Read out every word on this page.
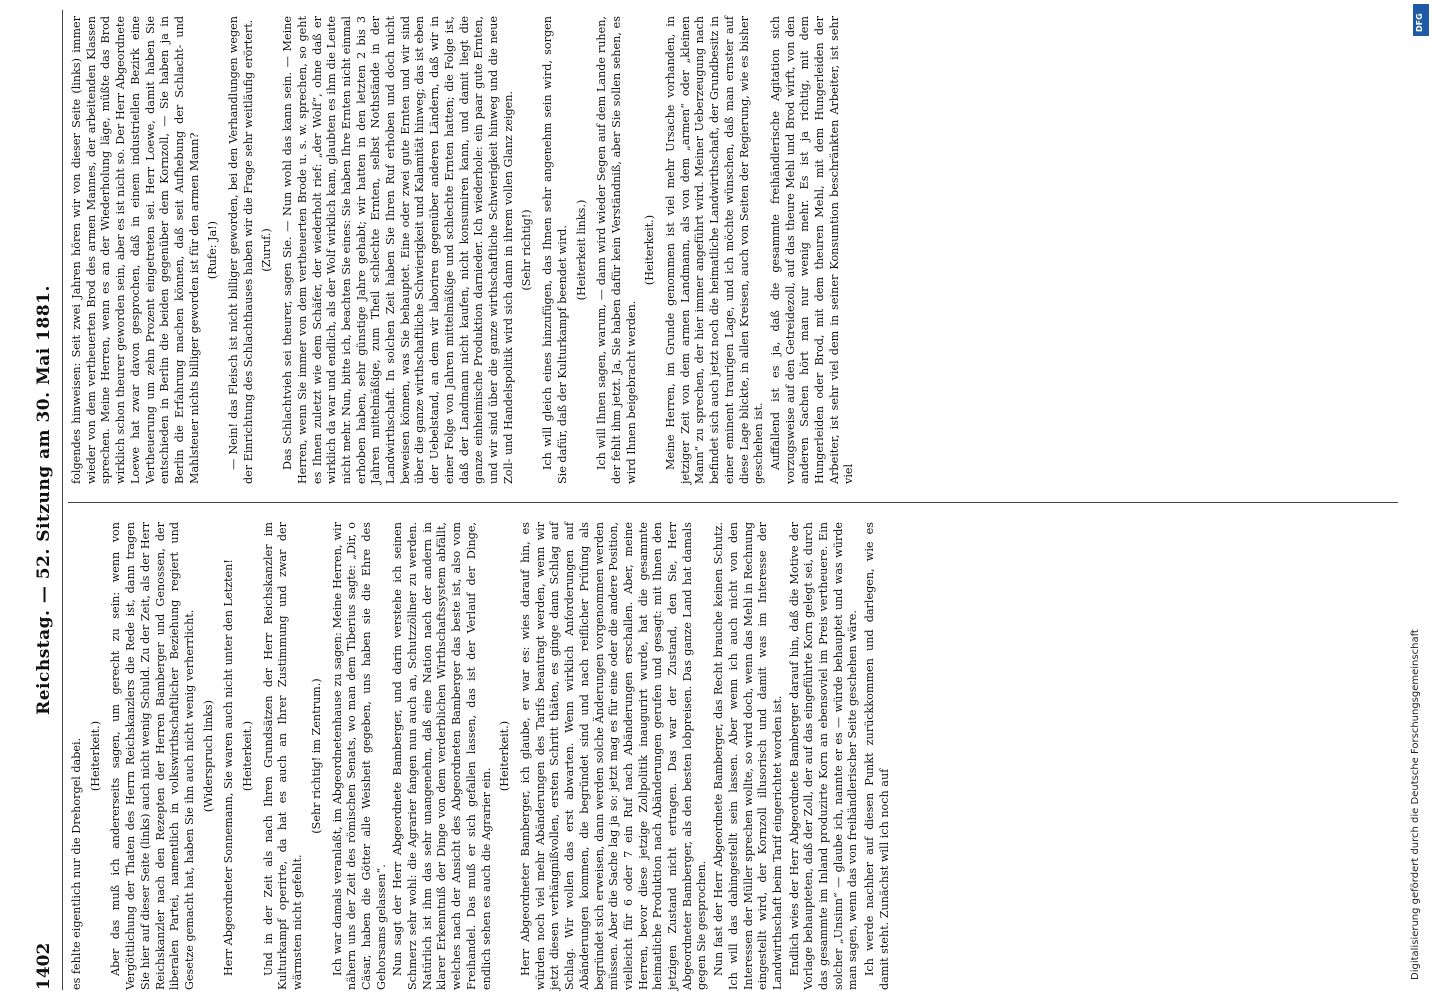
1402
Reichstag. — 52. Sitzung am 30. Mai 1881.

es fehlte eigentlich nur die Drehorgel dabei. (Heiterkeit.) Aber das muß ich andererseits sagen, um gerecht zu sein: wenn von Vergöttlichung der Thaten des Herrn Reichskanzlers die Rede ist, dann tragen Sie hier auf dieser Seite (links) auch nicht wenig Schuld. Zu der Zeit, als der Herr Reichskanzler nach den Rezepten der Herren Bamberger und Genossen, der liberalen Partei, namentlich in volkswirthschaftlicher Beziehung regiert und Gesetze gemacht hat, haben Sie ihn auch nicht wenig verherrlicht. (Widerspruch links) Herr Abgeordneter Sonnemann, Sie waren auch nicht unter den Letzten! (Heiterkeit.) Und in der Zeit als nach Ihren Grundsätzen der Herr Reichskanzler im Kulturkampf operirte, da hat es auch an Ihrer Zustimmung und zwar der wärmsten nicht gefehlt.

(Sehr richtig! im Zentrum.) Ich war damals veranlaßt, im Abgeordnetenhause zu sagen: Meine Herren, wir nähern uns der Zeit des römischen Senats, wo man dem Tiberius sagte: „Dir, o Cäsar, haben die Götter alle Weisheit gegeben, uns haben sie die Ehre des Gehorsams gelassen“. Nun sagt der Herr Abgeordnete Bamberger, und darin verstehe ich seinen Schmerz sehr wohl: die Agrarier fangen nun auch an, Schutzzöllner zu werden. Natürlich ist ihm das sehr unangenehm, daß eine Nation nach der andern in klarer Erkenntniß der Dinge von dem verderblichen Wirthschaftssystem abfällt, welches nach der Ansicht des Abgeordneten Bamberger das beste ist, also vom Freihandel. Das muß er sich gefallen lassen, das ist der Verlauf der Dinge, endlich sehen es auch die Agrarier ein.

(Heiterkeit.) Herr Abgeordneter Bamberger, ich glaube, er war es: wies darauf hin, es würden noch viel mehr Abänderungen des Tarifs beantragt werden, wenn wir jetzt diesen verhängnißvollen, ersten Schritt thäten, es ginge dann Schlag auf Schlag. Wir wollen das erst abwarten. Wenn wirklich Anforderungen auf Abänderungen kommen, die begründet sind und nach reiflicher Prüfung als begründet sich erweisen, dann werden solche Änderungen vorgenommen werden müssen. Aber die Sache lag ja so: jetzt mag es für eine oder die andere Position, vielleicht für 6 oder 7 ein Ruf nach Abänderungen erschallen. Aber, meine Herren, bevor diese jetzige Zollpolitik inaugurirt wurde, hat die gesammte heimatliche Produktion nach Abänderungen gerufen und gesagt: mit Ihnen den jetzigen Zustand nicht ertragen. Das war der Zustand, den Sie, Herr Abgeordneter Bamberger, als den besten lobpreisen. Das ganze Land hat damals gegen Sie gesprochen. Nun fast der Herr Abgeordnete Bamberger, das Recht brauche keinen Schutz. Ich will das dahingestellt sein lassen. Aber wenn ich auch nicht von den Interessen der Müller sprechen wollte, so wird doch, wenn das Mehl in Rechnung eingestellt wird, der Kornzoll illusorisch und damit was im Interesse der Landwirthschaft beim Tarif eingerichtet worden ist. Endlich wies der Herr Abgeordnete Bamberger darauf hin, daß die Motive der Vorlage behaupteten, daß der Zoll, der auf das eingeführte Korn gelegt sei, durch das gesammte im Inland produzirte Korn an ebensoviel im Preis vertheuere. Ein solcher „Unsinn“ — glaube ich, nannte er es — würde behauptet und was würde man sagen, wenn das von freihändlerischer Seite geschehen wäre. Ich werde nachher auf diesen Punkt zurückkommen und darlegen, wie es damit steht. Zunächst will ich noch auf

folgendes hinweisen: Seit zwei Jahren hören wir von dieser Seite (links) immer wieder von dem vertheuerten Brod des armen Mannes, der arbeitenden Klassen sprechen. Meine Herren, wenn es an der Wiederholung läge, müßte das Brod wirklich schon theurer geworden sein, aber es ist nicht so. Der Herr Abgeordnete Loewe hat zwar davon gesprochen, daß in einem industriellen Bezirk eine Vertheuerung um zehn Prozent eingetreten sei. Herr Loewe, damit haben Sie entschieden in Berlin die beiden gegenüber dem Kornzoll, — Sie haben ja in Berlin die Erfahrung machen können, daß seit Aufhebung der Schlacht- und Mahlsteuer nichts billiger geworden ist für den armen Mann? (Rufe: Ja!) — Nein! das Fleisch ist nicht billiger geworden, bei den Verhandlungen wegen der Einrichtung des Schlachthauses haben wir die Frage sehr weitläufig erörtert. (Zuruf.) Das Schlachtvieh sei theurer, sagen Sie. — Nun wohl das kann sein. — Meine Herren, wenn Sie immer von dem vertheuerten Brode u. s. w. sprechen, so geht es Ihnen zuletzt wie dem Schäfer, der wiederholt rief: „der Wolf“, ohne daß er wirklich da war und endlich, als der Wolf wirklich kam, glaubten es ihm die Leute nicht mehr. Nun, bitte ich, beachten Sie eines: Sie haben Ihre Ernten nicht einmal erhoben haben, sehr günstige Jahre gehabt; wir hatten in den letzten 2 bis 3 Jahren mittelmäßige, zum Theil schlechte Ernten, selbst Nothstände in der Landwirthschaft. In solchen Zeit haben Sie Ihren Ruf erhoben und doch nicht beweisen können, was Sie behauptet. Eine oder zwei gute Ernten und wir sind über die ganze wirthschaftliche Schwierigkeit und Kalamität hinweg; das ist eben der Uebelstand, an dem wir laboriren gegenüber anderen Ländern, daß wir in einer Folge von Jahren mittelmäßige und schlechte Ernten hatten; die Folge ist, daß der Landmann nicht kaufen, nicht konsumiren kann, und damit liegt die ganze einheimische Produktion darnieder. Ich wiederhole: ein paar gute Ernten, und wir sind über die ganze wirthschaftliche Schwierigkeit hinweg und die neue Zoll- und Handelspolitik wird sich dann in ihrem vollen Glanz zeigen. (Sehr richtig!) Ich will gleich eines hinzufügen, das Ihnen sehr angenehm sein wird, sorgen Sie dafür, daß der Kulturkampf beendet wird. (Heiterkeit links.) Ich will Ihnen sagen, warum, — dann wird wieder Segen auf dem Lande ruhen, der fehlt ihm jetzt. Ja, Sie haben dafür kein Verständniß, aber Sie sollen sehen, es wird Ihnen beigebracht werden.

(Heiterkeit.) Meine Herren, im Grunde genommen ist viel mehr Ursache vorhanden, in jetziger Zeit von dem armen Landmann, als von dem „armen“ oder „kleinen Mann“ zu sprechen, der hier immer angeführt wird. Meiner Ueberzeugung nach befindet sich auch jetzt noch die heimatliche Landwirthschaft, der Grundbesitz in einer eminent traurigen Lage, und ich möchte wünschen, daß man ernster auf diese Lage blickte, in allen Kreisen, auch von Seiten der Regierung, wie es bisher geschehen ist. Auffallend ist es ja, daß die gesammte freihändlerische Agitation sich vorzugsweise auf den Getreidezoll, auf das theure Mehl und Brod wirft, von den anderen Sachen hört man nur wenig mehr. Es ist ja richtig, mit dem Hungerleiden oder Brod, mit dem theuren Mehl, mit dem Hungerleiden der Arbeiter, ist sehr viel dem in seiner Konsumtion beschränkten Arbeiter, ist sehr viel

DFG
Digitalisierung gefördert durch die Deutsche Forschungsgemeinschaft
